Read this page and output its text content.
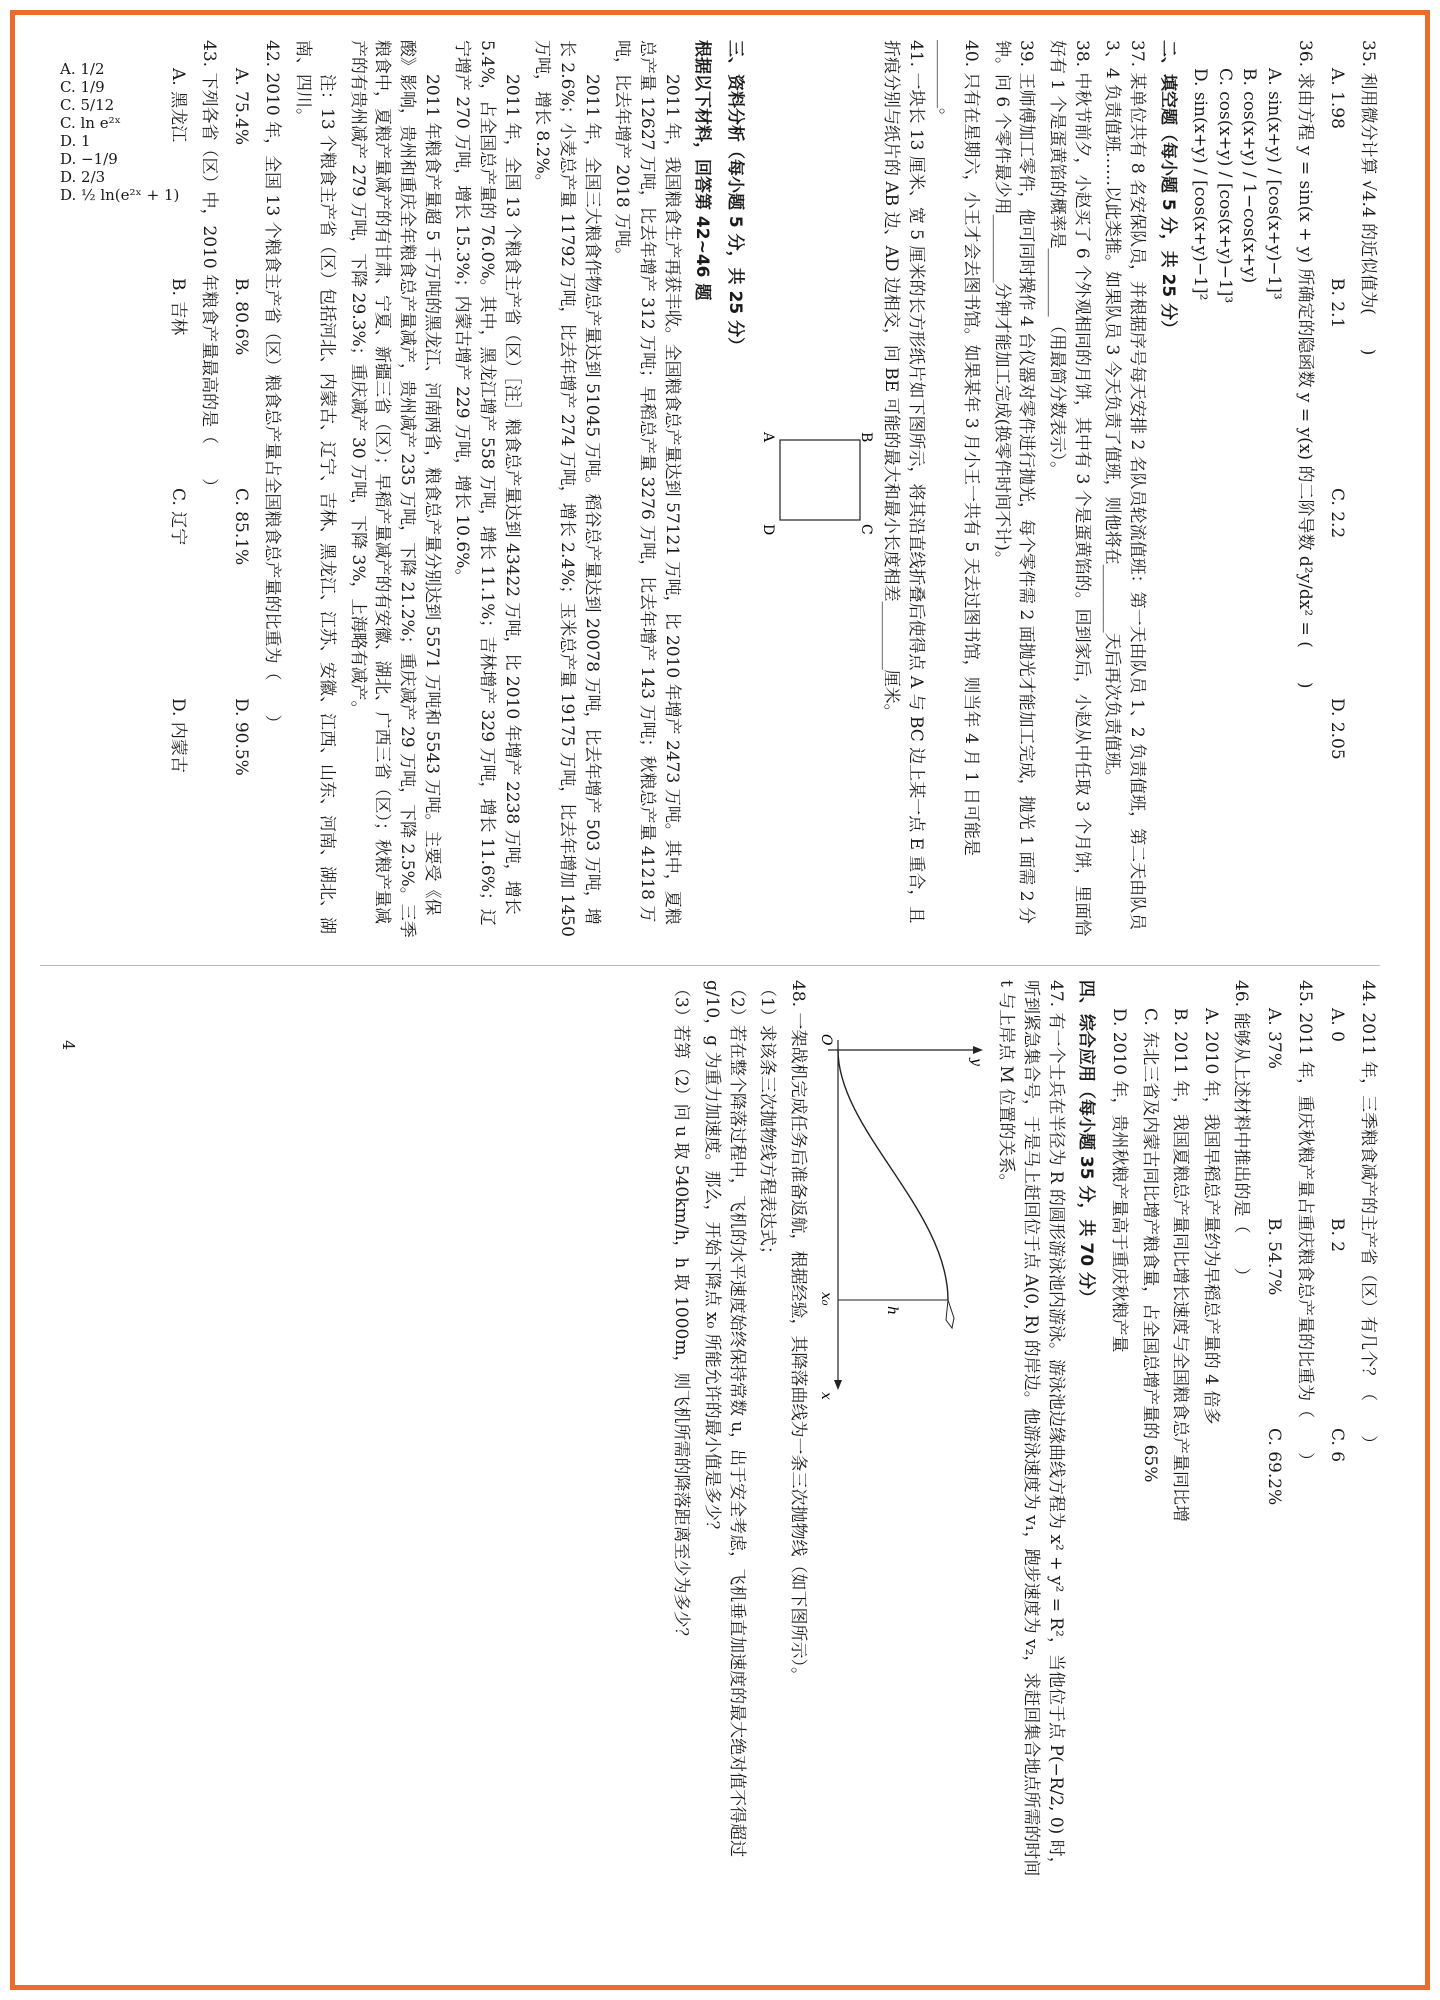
35. 利用微分计算 √4.4 的近似值为(　　)

A. 1.98
B. 2.1
C. 2.2
D. 2.05

36. 求由方程 y = sin(x + y) 所确定的隐函数 y = y(x) 的二阶导数 d²y/dx² = (　　)

A. sin(x+y) / [cos(x+y)−1]³
B. cos(x+y) / 1−cos(x+y)
C. cos(x+y) / [cos(x+y)−1]³
D. sin(x+y) / [cos(x+y)−1]²
二、填空题（每小题 5 分，共 25 分）

37. 某单位共有 8 名安保队员，并根据序号每天安排 2 名队员轮流值班：第一天由队员 1、2 负责值班，第二天由队员 3、4 负责值班……以此类推。如果队员 3 今天负责了值班，则他将在________天后再次负责值班。

38. 中秋节前夕，小赵买了 6 个外观相同的月饼，其中有 3 个是蛋黄馅的。回到家后，小赵从中任取 3 个月饼，里面恰好有 1 个是蛋黄馅的概率是________（用最简分数表示）。

39. 王师傅加工零件，他可同时操作 4 台仪器对零件进行抛光，每个零件需 2 面抛光才能加工完成，抛光 1 面需 2 分钟。问 6 个零件最少用________分钟才能加工完成(换零件时间不计)。

40. 只有在星期六，小王才会去图书馆。如果某年 3 月小王一共有 5 天去过图书馆，则当年 4 月 1 日可能是________。

41. 一块长 13 厘米、宽 5 厘米的长方形纸片如下图所示，将其沿直线折叠后使得点 A 与 BC 边上某一点 E 重合，且折痕分别与纸片的 AB 边、AD 边相交，问 BE 可能的最大和最小长度相差________厘米。

A	B
C
D
三、资料分析（每小题 5 分，共 25 分）
根据以下材料，回答第 42~46 题

2011 年，我国粮食生产再获丰收。全国粮食总产量达到 57121 万吨，比 2010 年增产 2473 万吨。其中，夏粮总产量 12627 万吨，比去年增产 312 万吨；早稻总产量 3276 万吨，比去年增产 143 万吨；秋粮总产量 41218 万吨，比去年增产 2018 万吨。

2011 年，全国三大粮食作物总产量达到 51045 万吨。稻谷总产量达到 20078 万吨，比去年增产 503 万吨，增长 2.6%；小麦总产量 11792 万吨，比去年增产 274 万吨，增长 2.4%；玉米总产量 19175 万吨，比去年增加 1450 万吨，增长 8.2%。

2011 年，全国 13 个粮食主产省（区）［注］粮食总产量达到 43422 万吨，比 2010 年增产 2238 万吨，增长 5.4%，占全国总产量的 76.0%。其中，黑龙江增产 558 万吨，增长 11.1%；吉林增产 329 万吨，增长 11.6%；辽宁增产 270 万吨，增长 15.3%；内蒙古增产 229 万吨，增长 10.6%。

2011 年粮食产量超 5 千万吨的黑龙江、河南两省，粮食总产量分别达到 5571 万吨和 5543 万吨。主要受《保酸》影响，贵州和重庆全年粮食总产量减产，贵州减产 235 万吨，下降 21.2%；重庆减产 29 万吨，下降 2.5%。三季粮食中，夏粮产量减产的有甘肃、宁夏、新疆三省（区）；早稻产量减产的有安徽、湖北、广西三省（区）；秋粮产量减产的有贵州减产 279 万吨，下降 29.3%；重庆减产 30 万吨，下降 3%，上海略有减产。

注：13 个粮食主产省（区）包括河北、内蒙古、辽宁、吉林、黑龙江、江苏、安徽、江西、山东、河南、湖北、湖南、四川。

42. 2010 年，全国 13 个粮食主产省（区）粮食总产量占全国粮食总产量的比重为（　　）

A. 75.4%
B. 80.6%
C. 85.1%
D. 90.5%

43. 下列各省（区）中，2010 年粮食产量最高的是（　　）

A. 黑龙江
B. 吉林
C. 辽宁
D. 内蒙古

44. 2011 年，三季粮食减产的主产省（区）有几个？（　　）

A. 0
B. 2
C. 6

45. 2011 年，重庆秋粮产量占重庆粮食总产量的比重为（　　）

A. 37%
B. 54.7%
C. 69.2%

46. 能够从上述材料中推出的是（　　）

A. 2010 年，我国早稻总产量约为早稻总产量的 4 倍多

B. 2011 年，我国夏粮总产量同比增长速度与全国粮食总产量同比增

C. 东北三省及内蒙古同比增产粮食量，占全国总增产量的 65%

D. 2010 年，贵州秋粮产量高于重庆秋粮产量

四、综合应用（每小题 35 分，共 70 分）

47. 有一个士兵在半径为 R 的圆形游泳池内游泳。游泳池边缘曲线方程为 x² + y² = R²，当他位于点 P(−R/2, 0) 时，听到紧急集合号，于是马上赶回位于点 A(0, R) 的岸边。他游泳速度为 v₁，跑步速度为 v₂，求赶回集合地点所需的时间 t 与上岸点 M 位置的关系。

y
x
O
h
x₀

48. 一架战机完成任务后准备返航，根据经验，其降落曲线为一条三次抛物线（如下图所示）。

（1）求该条三次抛物线方程表达式；

（2）若在整个降落过程中，飞机的水平速度始终保持常数 u，出于安全考虑，飞机垂直加速度的最大绝对值不得超过 g/10，g 为重力加速度。那么，开始下降点 x₀ 所能允许的最小值是多少？

（3）若第（2）问 u 取 540km/h，h 取 1000m，则飞机所需的降落距离至少为多少？

4
A. 1/2
C. 1/9
C. 5/12
C. ln e²ˣ
D. 1
D. −1/9
D. 2/3
D. ½ ln(e²ˣ + 1)
